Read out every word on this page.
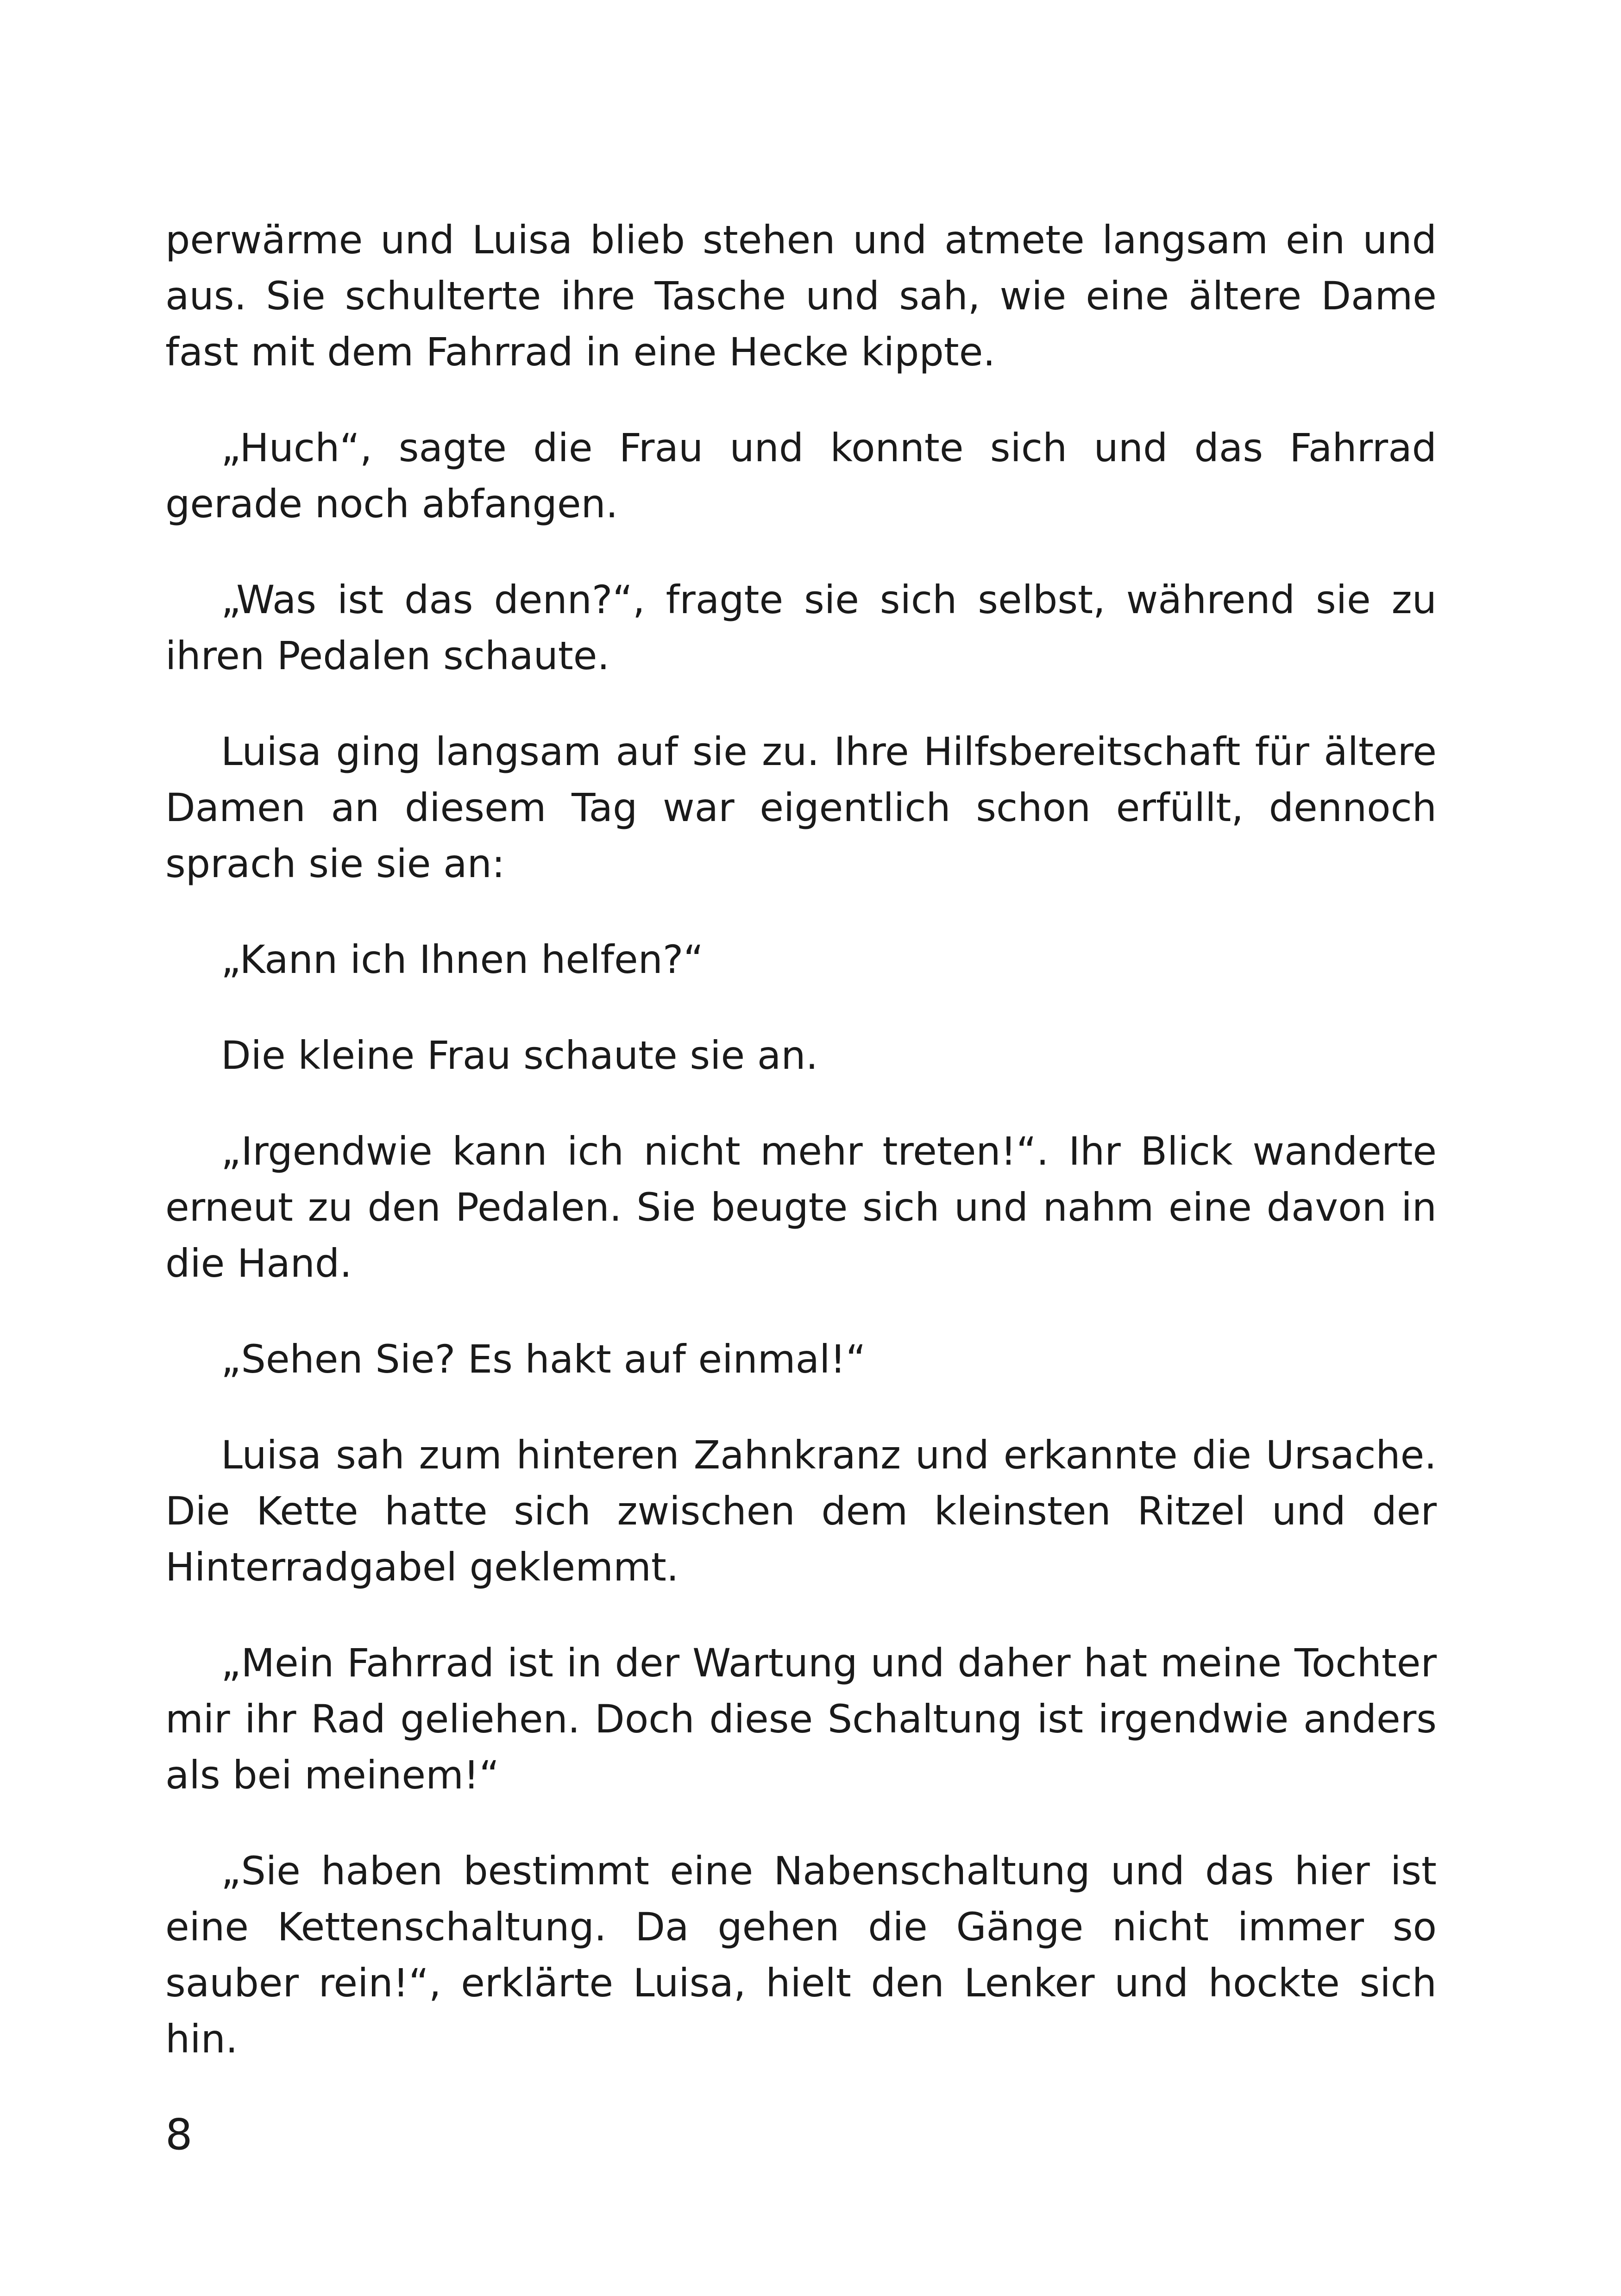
perwärme und Luisa blieb stehen und atmete langsam ein und aus. Sie schulterte ihre Tasche und sah, wie eine ältere Dame fast mit dem Fahrrad in eine Hecke kippte.

„Huch“, sagte die Frau und konnte sich und das Fahrrad gerade noch abfangen.

„Was ist das denn?“, fragte sie sich selbst, während sie zu ihren Pedalen schaute.

Luisa ging langsam auf sie zu. Ihre Hilfsbereitschaft für ältere Damen an diesem Tag war eigentlich schon erfüllt, dennoch sprach sie sie an:

„Kann ich Ihnen helfen?“

Die kleine Frau schaute sie an.

„Irgendwie kann ich nicht mehr treten!“. Ihr Blick wanderte erneut zu den Pedalen. Sie beugte sich und nahm eine davon in die Hand.

„Sehen Sie? Es hakt auf einmal!“

Luisa sah zum hinteren Zahnkranz und erkannte die Ursache. Die Kette hatte sich zwischen dem kleinsten Ritzel und der Hinterradgabel geklemmt.

„Mein Fahrrad ist in der Wartung und daher hat meine Tochter mir ihr Rad geliehen. Doch diese Schaltung ist irgendwie anders als bei meinem!“

„Sie haben bestimmt eine Nabenschaltung und das hier ist eine Kettenschaltung. Da gehen die Gänge nicht immer so sauber rein!“, erklärte Luisa, hielt den Lenker und hockte sich hin.

8
